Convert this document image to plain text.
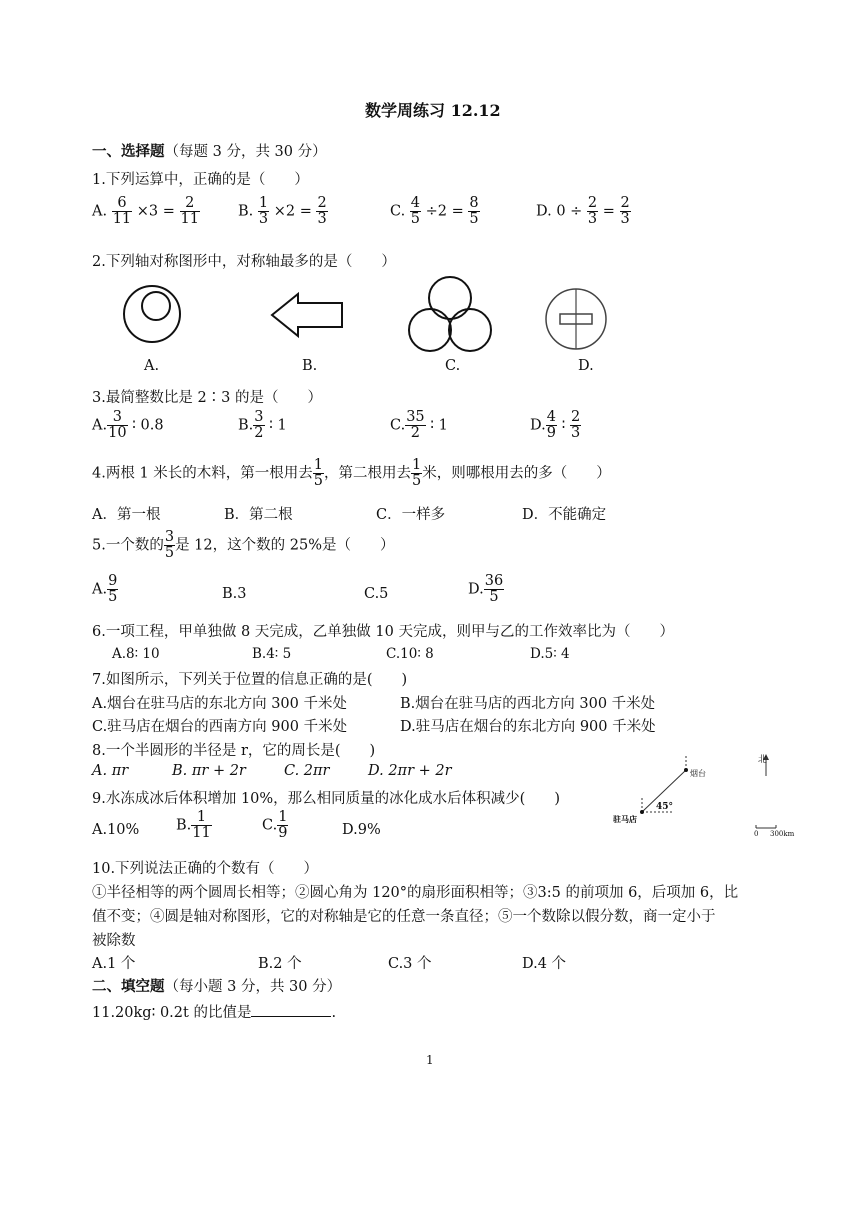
数学周练习 12.12
一、选择题（每题 3 分，共 30 分）
1.下列运算中，正确的是（　　）
A. $\frac{6}{11} \times 3 = \frac{2}{11}$	B. $\frac{1}{3} \times 2 = \frac{2}{3}$	C. $\frac{4}{5} \div 2 = \frac{8}{5}$	D. $0 \div \frac{2}{3} = \frac{2}{3}$
2.下列轴对称图形中，对称轴最多的是（　　）
A.	B.	C.	D.
3.最简整数比是 2∶3 的是（　　）
A. $\frac{3}{10}$ ∶ 0.8	B. $\frac{3}{2}$ ∶ 1	C. $\frac{35}{2}$ ∶ 1	D. $\frac{4}{9}$ ∶ $\frac{2}{3}$
4.两根 1 米长的木料，第一根用去 $\frac{1}{5}$ ，第二根用去 $\frac{1}{5}$ 米，则哪根用去的多（　　）
A．第一根	B．第二根	C．一样多	D．不能确定
5.一个数的 $\frac{3}{5}$ 是 12，这个数的 25%是（　　）
A. $\frac{9}{5}$	B.3	C.5	D. $\frac{36}{5}$
6.一项工程，甲单独做 8 天完成，乙单独做 10 天完成，则甲与乙的工作效率比为（　　）
A.8∶ 10	B.4∶ 5	C.10∶ 8	D.5∶ 4
7.如图所示，下列关于位置的信息正确的是(　　)
A.烟台在驻马店的东北方向 300 千米处	B.烟台在驻马店的西北方向 300 千米处
C.驻马店在烟台的西南方向 900 千米处	D.驻马店在烟台的东北方向 900 千米处
8.一个半圆形的半径是 r，它的周长是(　　)
A. πr	B. πr + 2r	C. 2πr	D. 2πr + 2r
9.水冻成冰后体积增加 10%，那么相同质量的冰化成水后体积减少(　　)
A.10%	B. $\frac{1}{11}$	C. $\frac{1}{9}$	D.9%
北
烟台
45°
驻马店
0 300km
10.下列说法正确的个数有（　　）
①半径相等的两个圆周长相等；②圆心角为 120°的扇形面积相等；③3:5 的前项加 6，后项加 6，比
值不变；④圆是轴对称图形，它的对称轴是它的任意一条直径；⑤一个数除以假分数，商一定小于
被除数
A.1 个	B.2 个	C.3 个	D.4 个
二、填空题（每小题 3 分，共 30 分）
11.20kg∶ 0.2t 的比值是	.
1
